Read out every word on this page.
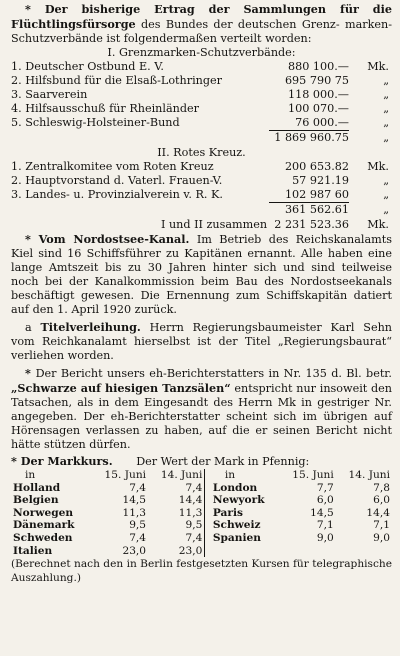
* Der bisherige Ertrag der Sammlungen für die Flüchtlingsfürsorge des Bundes der deutschen Grenz- marken-Schutzverbände ist folgendermaßen verteilt worden:
I. Grenzmarken-Schutzverbände:
1. Deutscher Ostbund E. V.	880 100.—	Mk.
2. Hilfsbund für die Elsaß-Lothringer	695 790 75	„
3. Saarverein	118 000.—	„
4. Hilfsausschuß für Rheinländer	100 070.—	„
5. Schleswig-Holsteiner-Bund	76 000.—	„
1 869 960.75	„
II. Rotes Kreuz.
1. Zentralkomitee vom Roten Kreuz	200 653.82	Mk.
2. Hauptvorstand d. Vaterl. Frauen-V.	57 921.19	„
3. Landes- u. Provinzialverein v. R. K.	102 987 60	„
361 562.61	„
I und II zusammen 2 231 523.36	Mk.
* Vom Nordostsee-Kanal. Im Betrieb des Reichskanalamts Kiel sind 16 Schiffsführer zu Kapitänen ernannt. Alle haben eine lange Amtszeit bis zu 30 Jahren hinter sich und sind teilweise noch bei der Kanalkommission beim Bau des Nordostseekanals beschäftigt gewesen. Die Ernennung zum Schiffskapitän datiert auf den 1. April 1920 zurück.
a Titelverleihung. Herrn Regierungsbaumeister Karl Sehn vom Reichkanalamt hierselbst ist der Titel „Regierungsbaurat“ verliehen worden.
* Der Bericht unsers eh-Berichterstatters in Nr. 135 d. Bl. betr. „Schwarze auf hiesigen Tanzsälen“ entspricht nur insoweit den Tatsachen, als in dem Eingesandt des Herrn Mk in gestriger Nr. angegeben. Der eh-Berichterstatter scheint sich im übrigen auf Hörensagen verlassen zu haben, auf die er seinen Bericht nicht hätte stützen dürfen.
* Der Markkurs. Der Wert der Mark in Pfennig:
in	15. Juni	14. Juni		in	15. Juni	14. Juni
Holland	7,4	7,4		London	7,7	7,8
Belgien	14,5	14,4		Newyork	6,0	6,0
Norwegen	11,3	11,3		Paris	14,5	14,4
Dänemark	9,5	9,5		Schweiz	7,1	7,1
Schweden	7,4	7,4		Spanien	9,0	9,0
Italien	23,0	23,0				
(Berechnet nach den in Berlin festgesetzten Kursen für telegraphische Auszahlung.)
